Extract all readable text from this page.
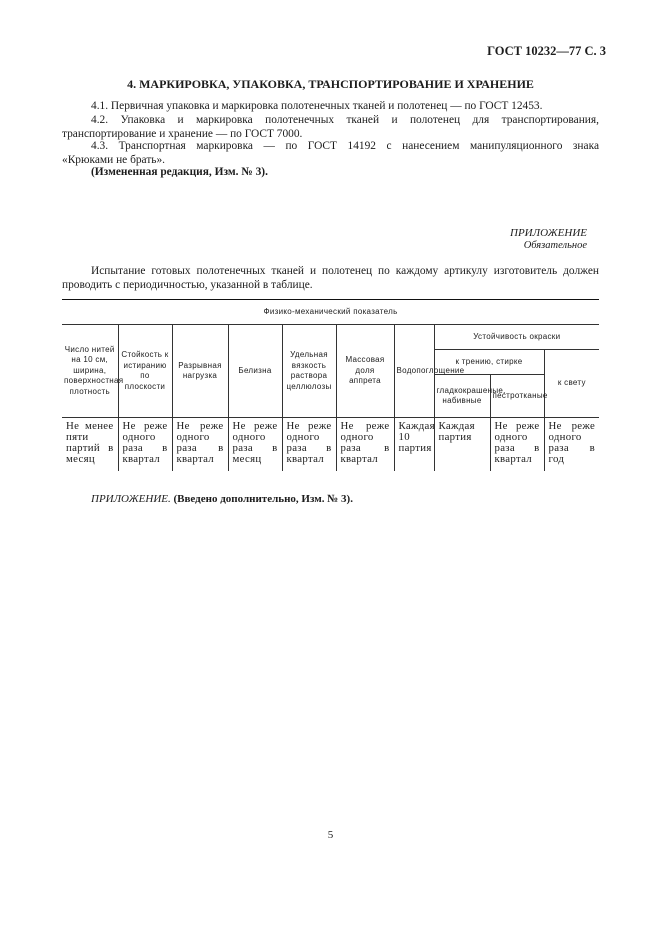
ГОСТ 10232—77 С. 3
4. МАРКИРОВКА, УПАКОВКА, ТРАНСПОРТИРОВАНИЕ И ХРАНЕНИЕ
4.1. Первичная упаковка и маркировка полотенечных тканей и полотенец — по ГОСТ 12453.
4.2. Упаковка и маркировка полотенечных тканей и полотенец для транспортирования,
транспортирование и хранение — по ГОСТ 7000.
4.3. Транспортная маркировка — по ГОСТ 14192 с нанесением манипуляционного знака
«Крюками не брать».
(Измененная редакция, Изм. № 3).
ПРИЛОЖЕНИЕ
Обязательное
Испытание готовых полотенечных тканей и полотенец по каждому артикулу изготовитель должен
проводить с периодичностью, указанной в таблице.
Физико-механический показатель									
Число нитей на 10 см, ширина, поверхностная плотность	Стойкость к истиранию по плоскости	Разрывная нагрузка	Белизна	Удельная вязкость раствора целлюлозы	Массовая доля аппрета	Водопоглощение	Устойчивость окраски		
							к трению, стирке		к свету
							гладкокрашеные, набивные	пестротканые	
Не менее пяти партий в месяц	Не реже одного раза в квартал	Не реже одного раза в квартал	Не реже одного раза в месяц	Не реже одного раза в квартал	Не реже одного раза в квартал	Каждая 10 партия	Каждая партия	Не реже одного раза в квартал	Не реже одного раза в год
ПРИЛОЖЕНИЕ. (Введено дополнительно, Изм. № 3).
5
